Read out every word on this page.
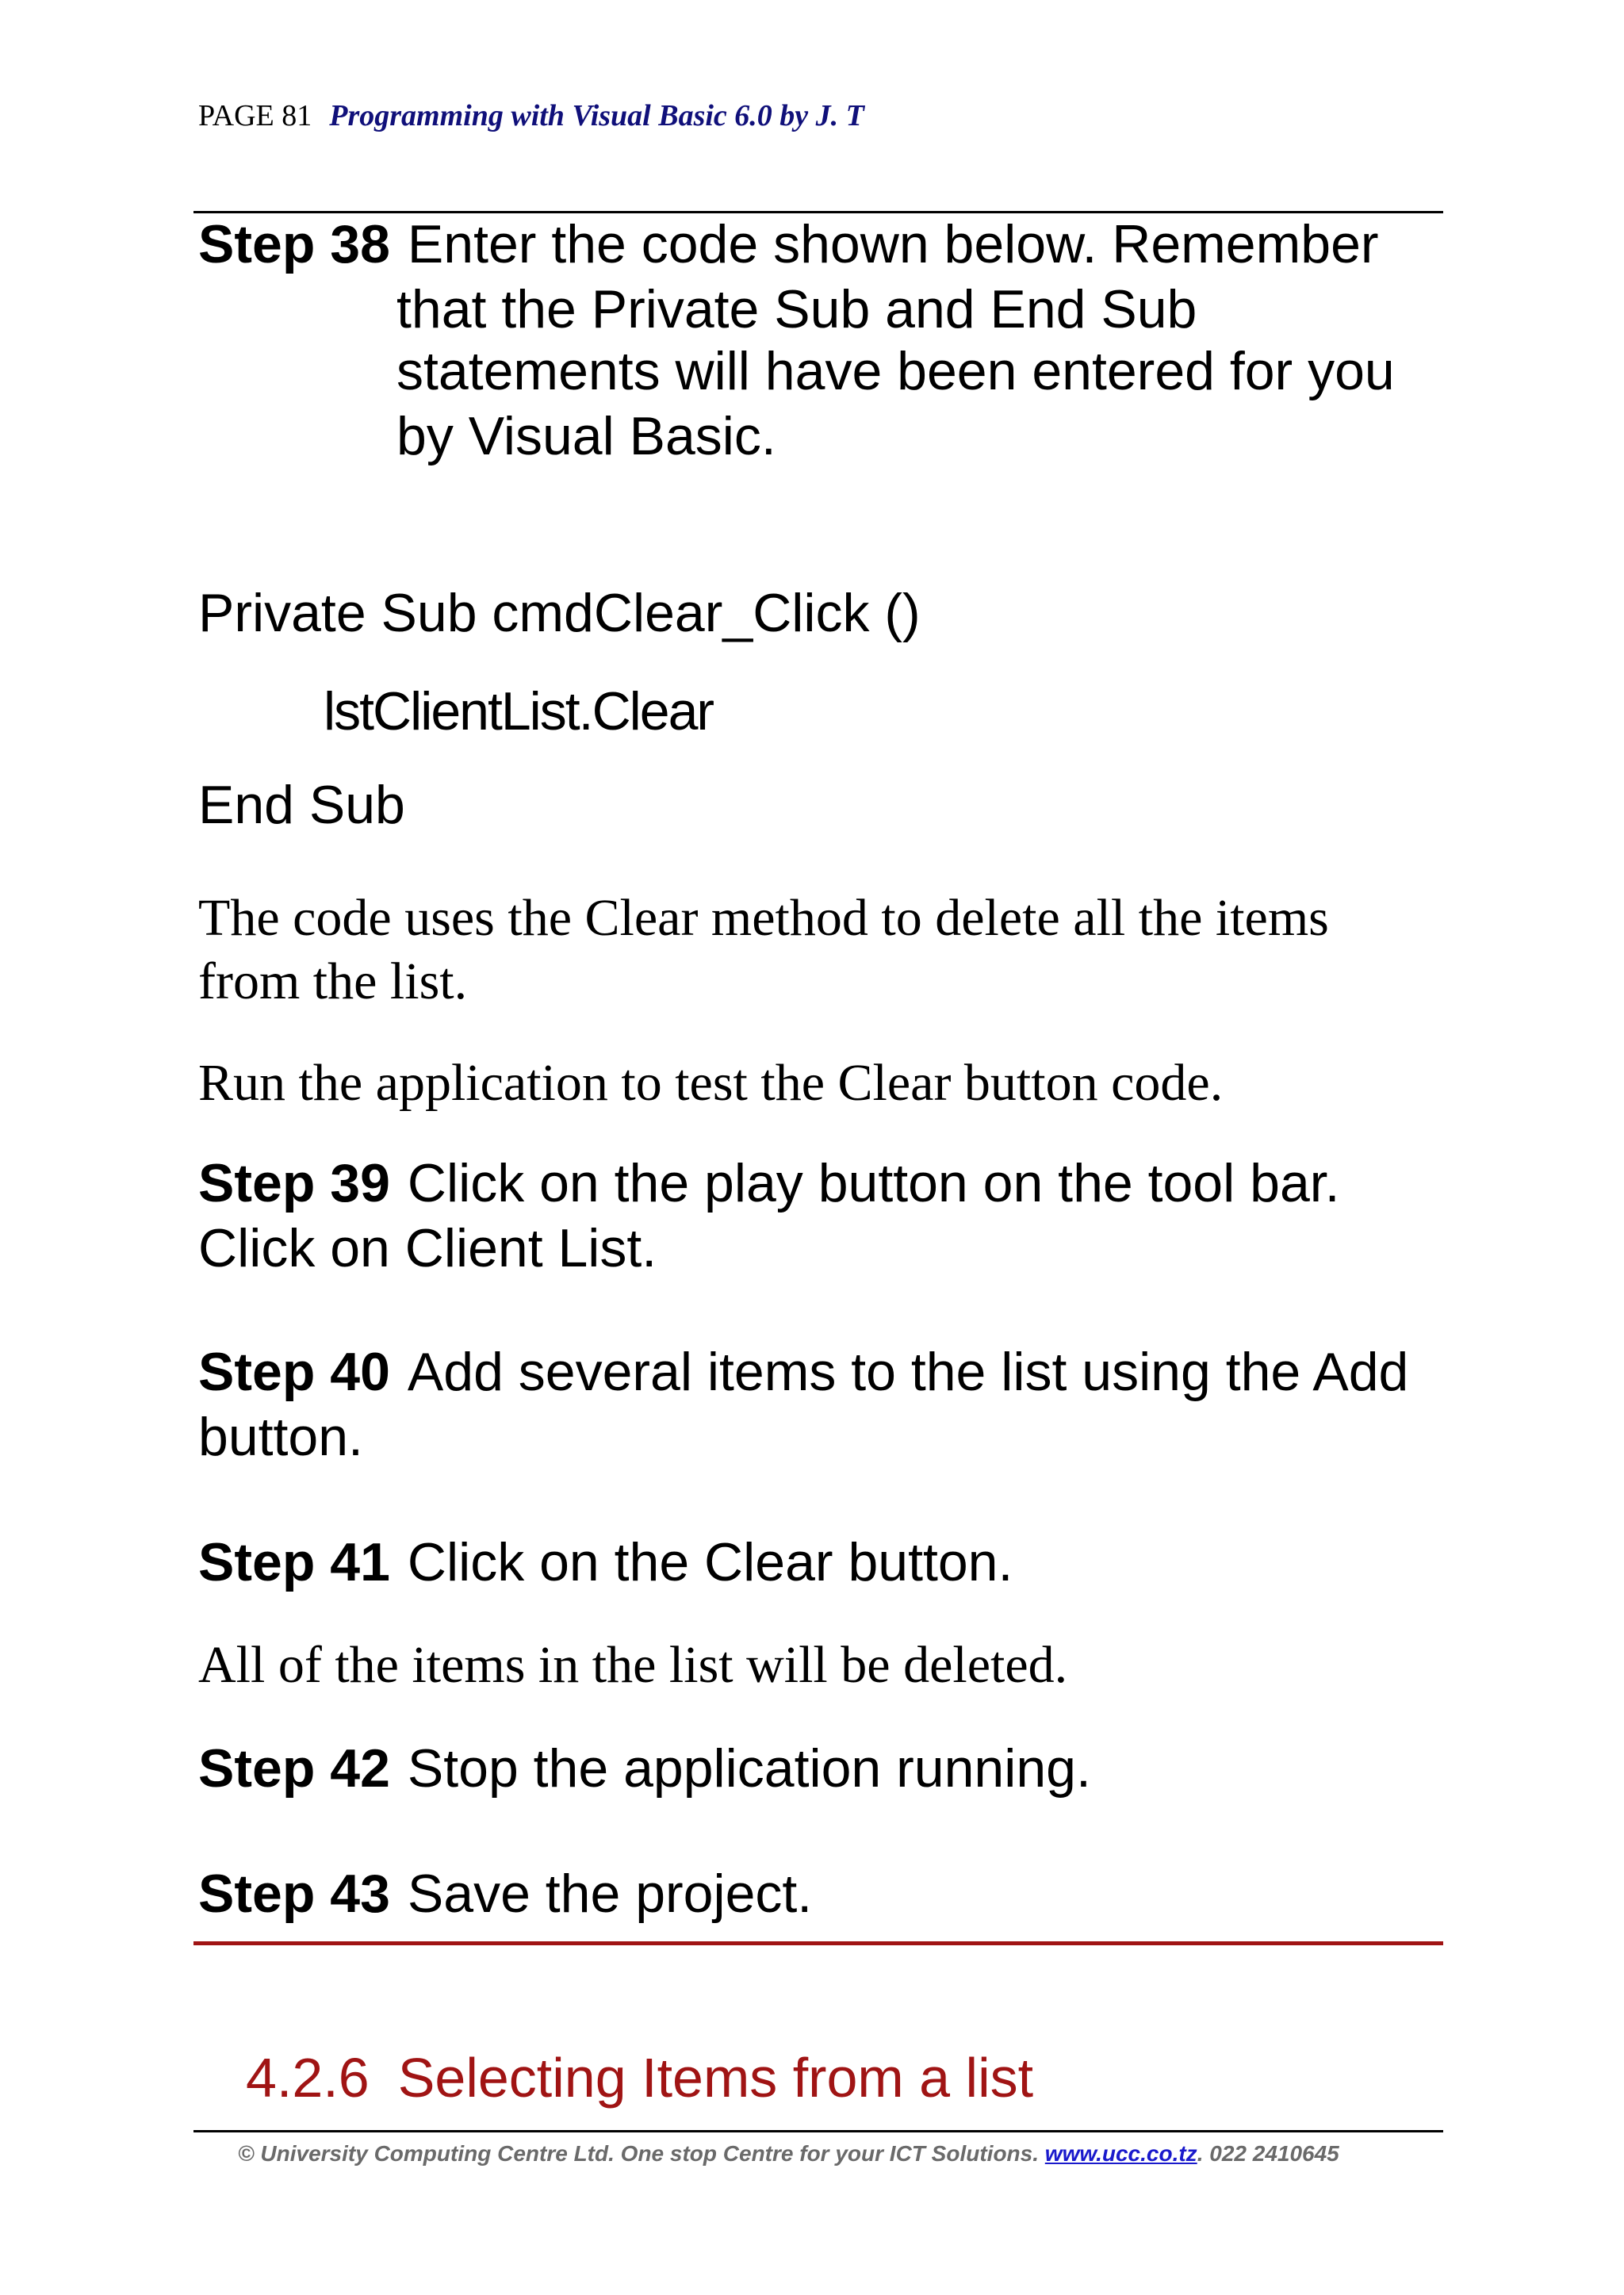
PAGE 81 Programming with Visual Basic 6.0 by J. T
Step 38 Enter the code shown below. Remember
that the Private Sub and End Sub
statements will have been entered for you
by Visual Basic.
Private Sub cmdClear_Click ()
lstClientList.Clear
End Sub
The code uses the Clear method to delete all the items
from the list.
Run the application to test the Clear button code.
Step 39 Click on the play button on the tool bar.
Click on Client List.
Step 40 Add several items to the list using the Add
button.
Step 41 Click on the Clear button.
All of the items in the list will be deleted.
Step 42 Stop the application running.
Step 43 Save the project.
4.2.6 Selecting Items from a list
© University Computing Centre Ltd. One stop Centre for your ICT Solutions. www.ucc.co.tz. 022 2410645
